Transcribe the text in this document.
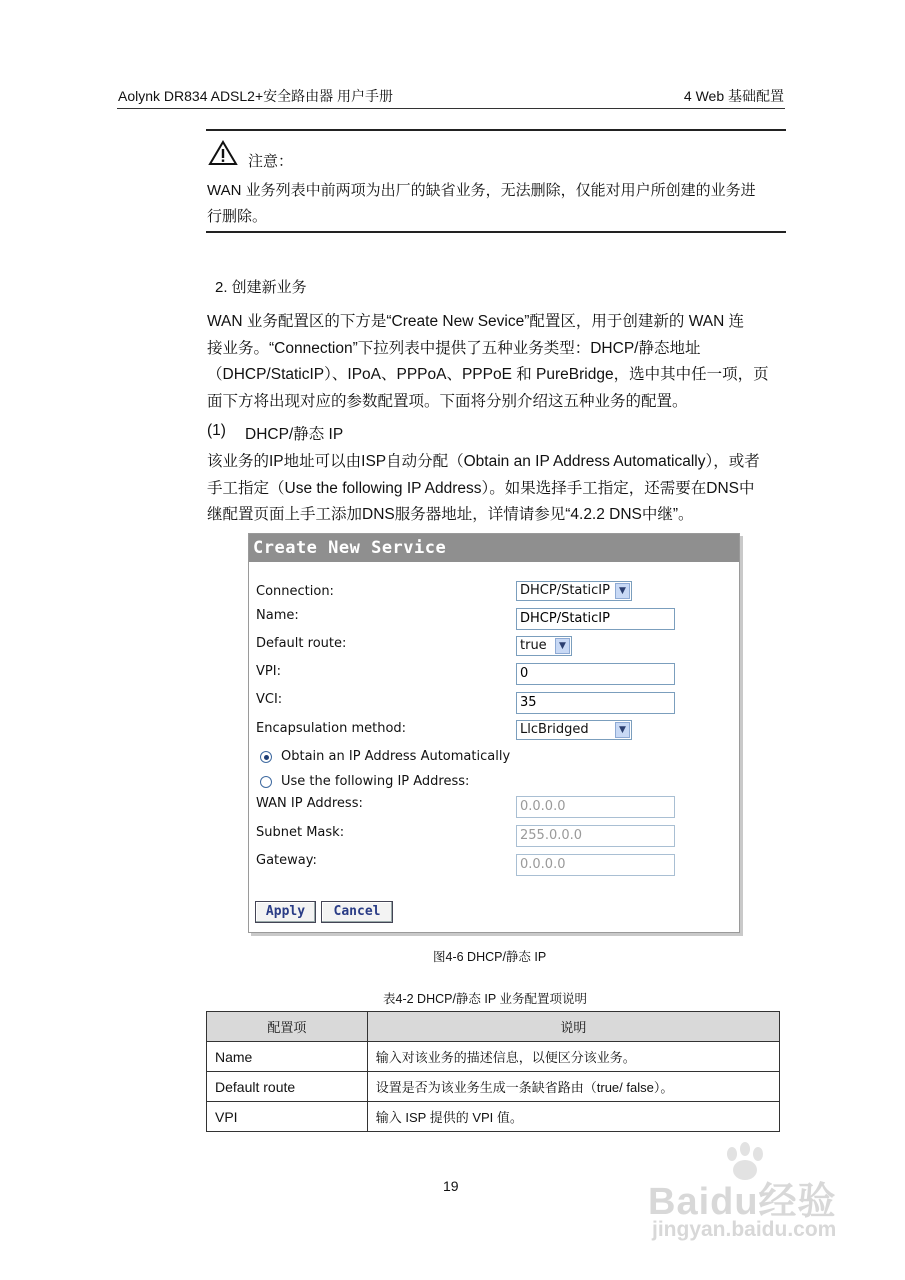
Aolynk DR834 ADSL2+安全路由器 用户手册	4 Web 基础配置
注意：
WAN 业务列表中前两项为出厂的缺省业务，无法删除，仅能对用户所创建的业务进
行删除。
2. 创建新业务
WAN 业务配置区的下方是“Create New Sevice”配置区，用于创建新的 WAN 连
接业务。“Connection”下拉列表中提供了五种业务类型：DHCP/静态地址
（DHCP/StaticIP）、IPoA、PPPoA、PPPoE 和 PureBridge，选中其中任一项，页
面下方将出现对应的参数配置项。下面将分别介绍这五种业务的配置。
(1) DHCP/静态 IP
该业务的IP地址可以由ISP自动分配（Obtain an IP Address Automatically），或者
手工指定（Use the following IP Address）。如果选择手工指定，还需要在DNS中
继配置页面上手工添加DNS服务器地址，详情请参见“4.2.2 DNS中继”。
Create New Service
Connection:	DHCP/StaticIP	▼
Name:	DHCP/StaticIP
Default route:	true	▼
VPI:	0
VCI:	35
Encapsulation method:	LlcBridged	▼
Obtain an IP Address Automatically
Use the following IP Address:
WAN IP Address:	0.0.0.0
Subnet Mask:	255.0.0.0
Gateway:	0.0.0.0
Apply	Cancel
图4-6 DHCP/静态 IP
表4-2 DHCP/静态 IP 业务配置项说明
配置项	说明
Name	输入对该业务的描述信息，以便区分该业务。
Default route	设置是否为该业务生成一条缺省路由（true/ false）。
VPI	输入 ISP 提供的 VPI 值。
19	Baidu经验
jingyan.baidu.com
